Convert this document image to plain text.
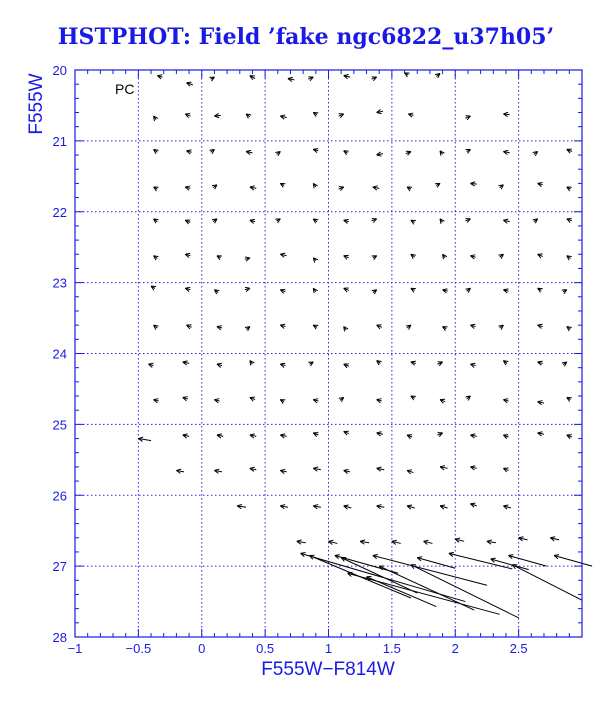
HSTPHOT: Field ’fake ngc6822_u37h05’
−1	−0.5	0	0.5	1	1.5	2	2.5
20
21
22
23
24
25
26
27
28
PC
F555W−F814W
F555W
